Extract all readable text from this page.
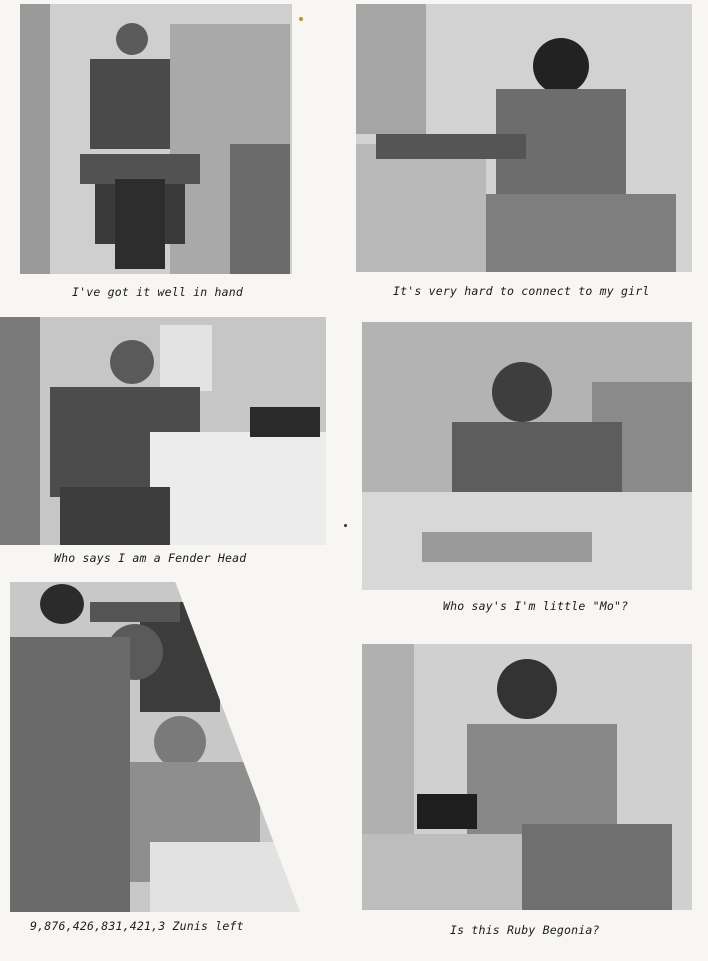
I've got it well in hand	It's very hard to connect to my girl
Who says I am a Fender Head
Who say's I'm little "Mo"?
9,876,426,831,421,3 Zunis left	Is this Ruby Begonia?
